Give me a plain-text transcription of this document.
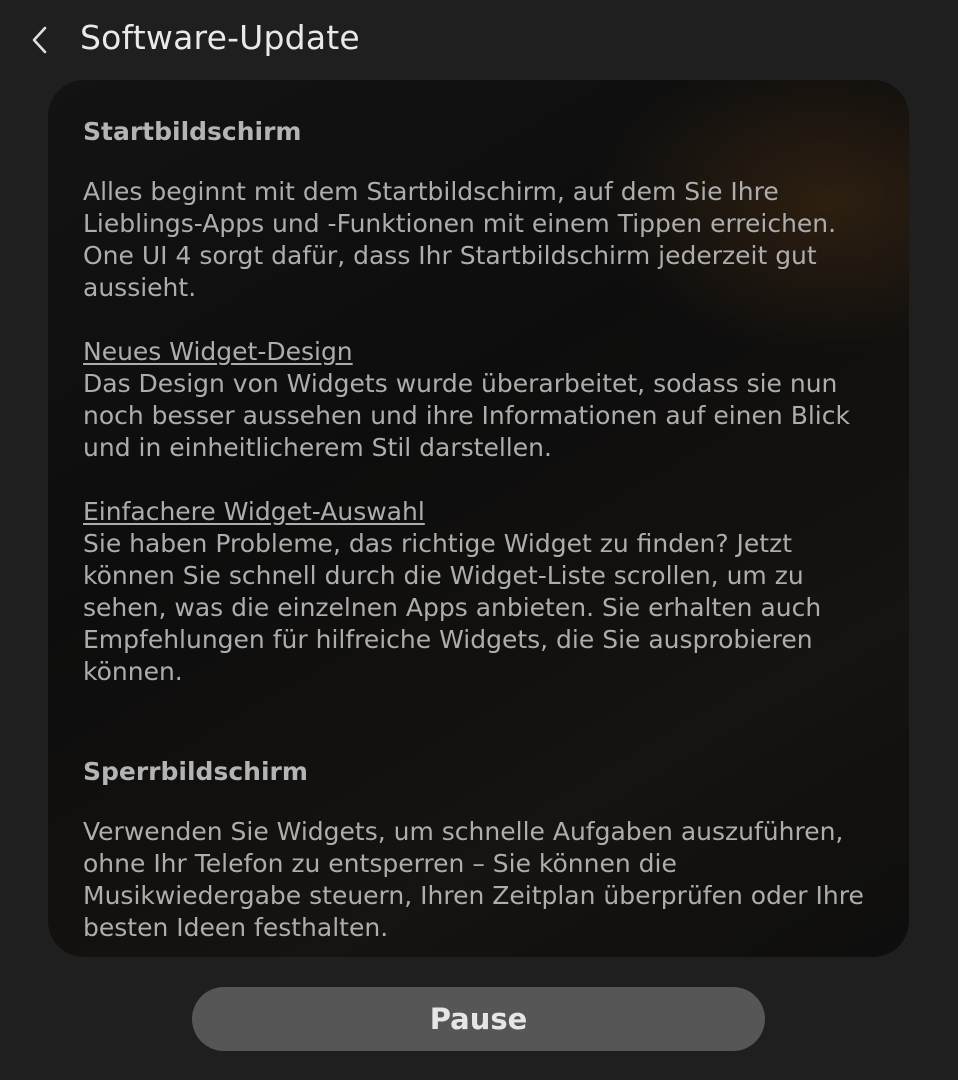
Software-Update

Startbildschirm

Alles beginnt mit dem Startbildschirm, auf dem Sie Ihre Lieblings-Apps und -Funktionen mit einem Tippen erreichen. One UI 4 sorgt dafür, dass Ihr Startbildschirm jederzeit gut aussieht.

Neues Widget-Design

Das Design von Widgets wurde überarbeitet, sodass sie nun noch besser aussehen und ihre Informationen auf einen Blick und in einheitlicherem Stil darstellen.

Einfachere Widget-Auswahl

Sie haben Probleme, das richtige Widget zu finden? Jetzt können Sie schnell durch die Widget-Liste scrollen, um zu sehen, was die einzelnen Apps anbieten. Sie erhalten auch Empfehlungen für hilfreiche Widgets, die Sie ausprobieren können.

Sperrbildschirm

Verwenden Sie Widgets, um schnelle Aufgaben auszuführen, ohne Ihr Telefon zu entsperren – Sie können die Musikwiedergabe steuern, Ihren Zeitplan überprüfen oder Ihre besten Ideen festhalten.

Pause
